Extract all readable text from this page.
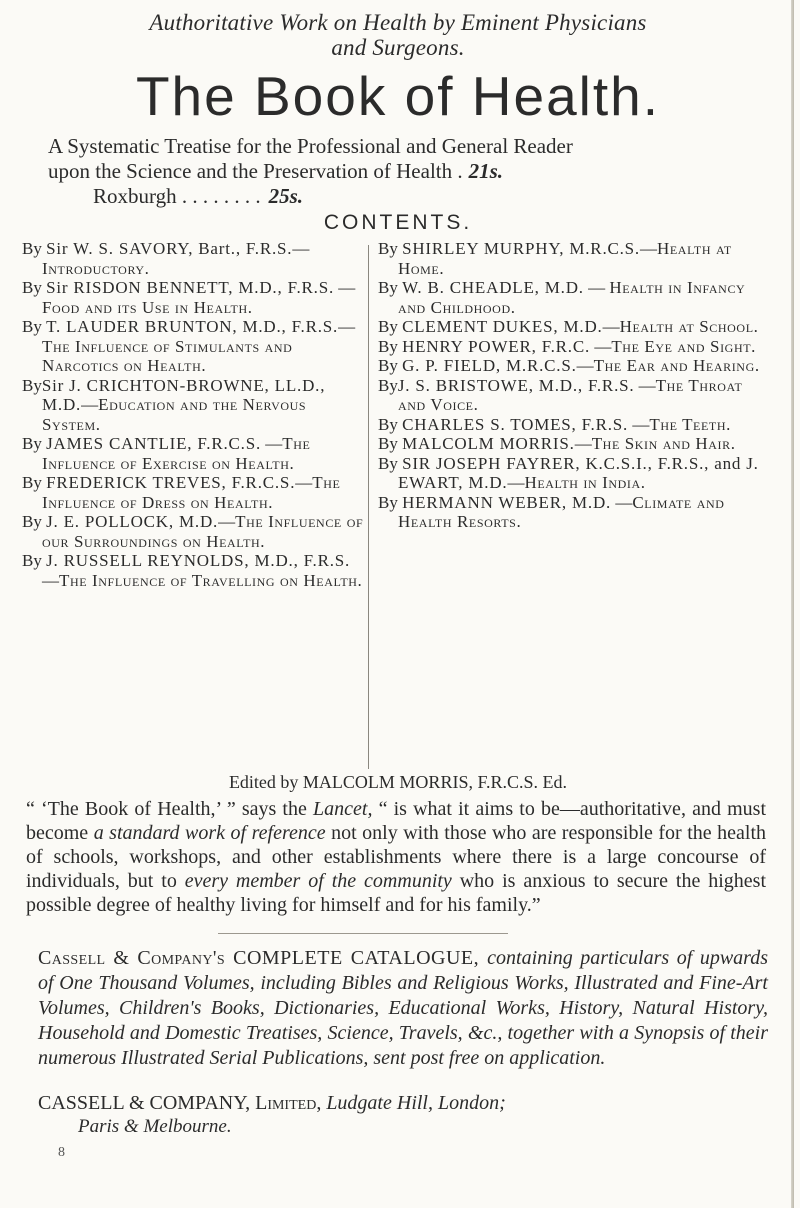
Authoritative Work on Health by Eminent Physicians
and Surgeons.
The Book of Health.
A Systematic Treatise for the Professional and General Reader
upon the Science and the Preservation of Health . 21s.
Roxburgh . . . . . . . . 25s.
CONTENTS.
By Sir W. S. SAVORY, Bart., F.R.S.—Introductory.
By Sir RISDON BENNETT, M.D., F.R.S. — Food and its Use in Health.
By T. LAUDER BRUNTON, M.D., F.R.S.—The Influence of Stimulants and Narcotics on Health.
BySir J. CRICHTON-BROWNE, LL.D., M.D.—Education and the Nervous System.
By JAMES CANTLIE, F.R.C.S. —The Influence of Exercise on Health.
By FREDERICK TREVES, F.R.C.S.—The Influence of Dress on Health.
By J. E. POLLOCK, M.D.—The Influence of our Surroundings on Health.
By J. RUSSELL REYNOLDS, M.D., F.R.S.—The Influence of Travelling on Health.
By SHIRLEY MURPHY, M.R.C.S.—Health at Home.
By W. B. CHEADLE, M.D. — Health in Infancy and Childhood.
By CLEMENT DUKES, M.D.—Health at School.
By HENRY POWER, F.R.C. —The Eye and Sight.
By G. P. FIELD, M.R.C.S.—The Ear and Hearing.
ByJ. S. BRISTOWE, M.D., F.R.S. —The Throat and Voice.
By CHARLES S. TOMES, F.R.S. —The Teeth.
By MALCOLM MORRIS.—The Skin and Hair.
By SIR JOSEPH FAYRER, K.C.S.I., F.R.S., and J. EWART, M.D.—Health in India.
By HERMANN WEBER, M.D. —Climate and Health Resorts.
Edited by MALCOLM MORRIS, F.R.C.S. Ed.
“ ‘The Book of Health,’ ” says the Lancet, “ is what it aims to be—authoritative, and must become a standard work of reference not only with those who are responsible for the health of schools, workshops, and other establishments where there is a large concourse of individuals, but to every member of the community who is anxious to secure the highest possible degree of healthy living for himself and for his family.”
Cassell & Company's COMPLETE CATALOGUE, containing particulars of upwards of One Thousand Volumes, including Bibles and Religious Works, Illustrated and Fine-Art Volumes, Children's Books, Dictionaries, Educational Works, History, Natural History, Household and Domestic Treatises, Science, Travels, &c., together with a Synopsis of their numerous Illustrated Serial Publications, sent post free on application.
CASSELL & COMPANY, Limited, Ludgate Hill, London;
Paris & Melbourne.
8
